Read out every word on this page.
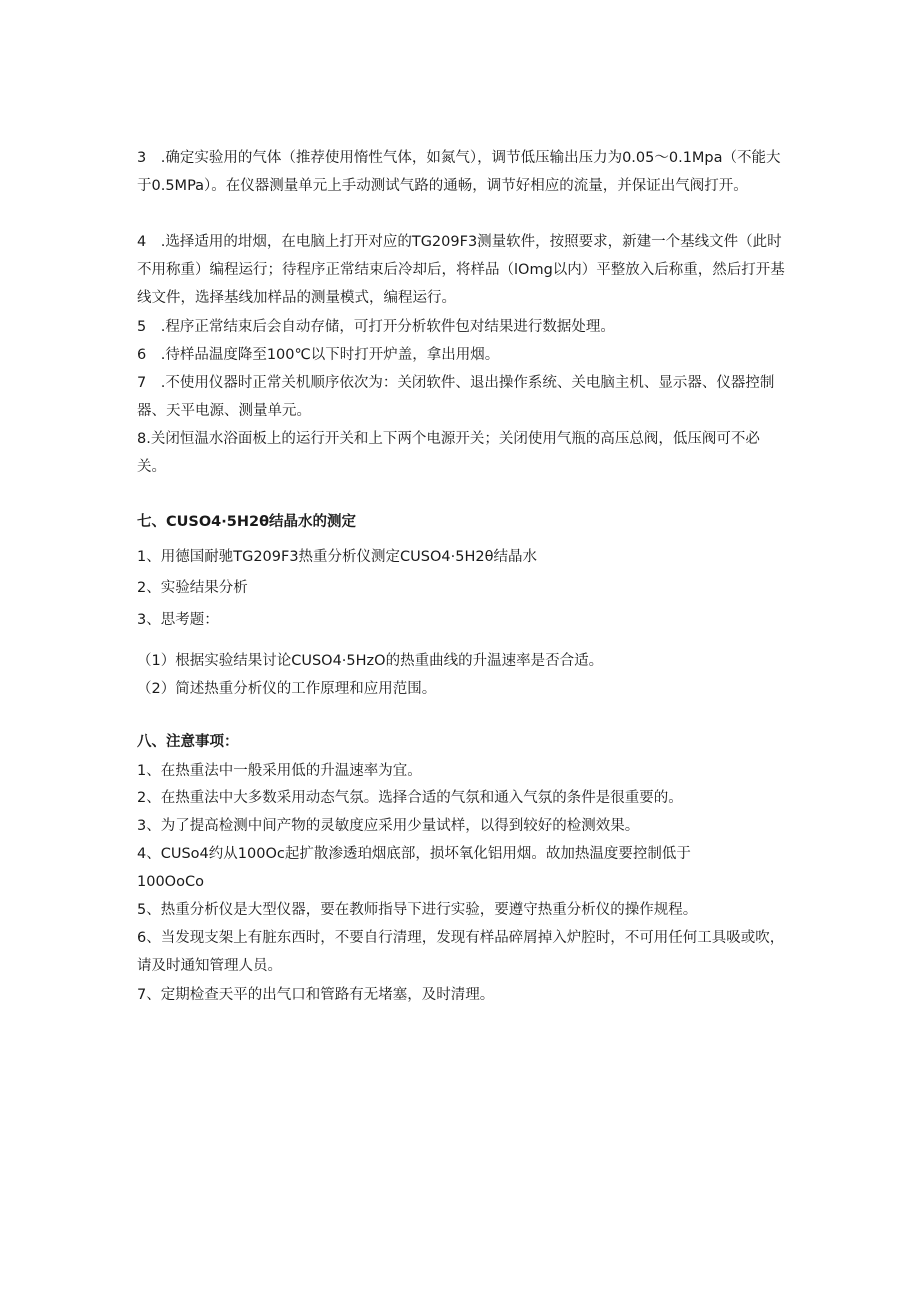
3　.确定实验用的气体（推荐使用惰性气体，如氮气），调节低压输出压力为0.05～0.1Mpa（不能大于0.5MPa）。在仪器测量单元上手动测试气路的通畅，调节好相应的流量，并保证出气阀打开。

4　.选择适用的坩烟，在电脑上打开对应的TG209F3测量软件，按照要求，新建一个基线文件（此时不用称重）编程运行；待程序正常结束后冷却后，将样品（lOmg以内）平整放入后称重，然后打开基线文件，选择基线加样品的测量模式，编程运行。

5　.程序正常结束后会自动存储，可打开分析软件包对结果进行数据处理。

6　.待样品温度降至100℃以下时打开炉盖，拿出用烟。

7　.不使用仪器时正常关机顺序依次为：关闭软件、退出操作系统、关电脑主机、显示器、仪器控制器、天平电源、测量单元。

8.关闭恒温水浴面板上的运行开关和上下两个电源开关；关闭使用气瓶的高压总阀，低压阀可不必关。

七、CUSO4·5H2θ结晶水的测定

1、用德国耐驰TG209F3热重分析仪测定CUSO4·5H2θ结晶水

2、实验结果分析

3、思考题：

（1）根据实验结果讨论CUSO4·5HzO的热重曲线的升温速率是否合适。

（2）简述热重分析仪的工作原理和应用范围。

八、注意事项：

1、在热重法中一般采用低的升温速率为宜。

2、在热重法中大多数采用动态气氛。选择合适的气氛和通入气氛的条件是很重要的。

3、为了提高检测中间产物的灵敏度应采用少量试样，以得到较好的检测效果。

4、CUSo4约从100Oc起扩散渗透珀烟底部，损坏氧化铝用烟。故加热温度要控制低于

100OoCo

5、热重分析仪是大型仪器，要在教师指导下进行实验，要遵守热重分析仪的操作规程。

6、当发现支架上有脏东西时，不要自行清理，发现有样品碎屑掉入炉腔时，不可用任何工具吸或吹，请及时通知管理人员。

7、定期检查天平的出气口和管路有无堵塞，及时清理。
